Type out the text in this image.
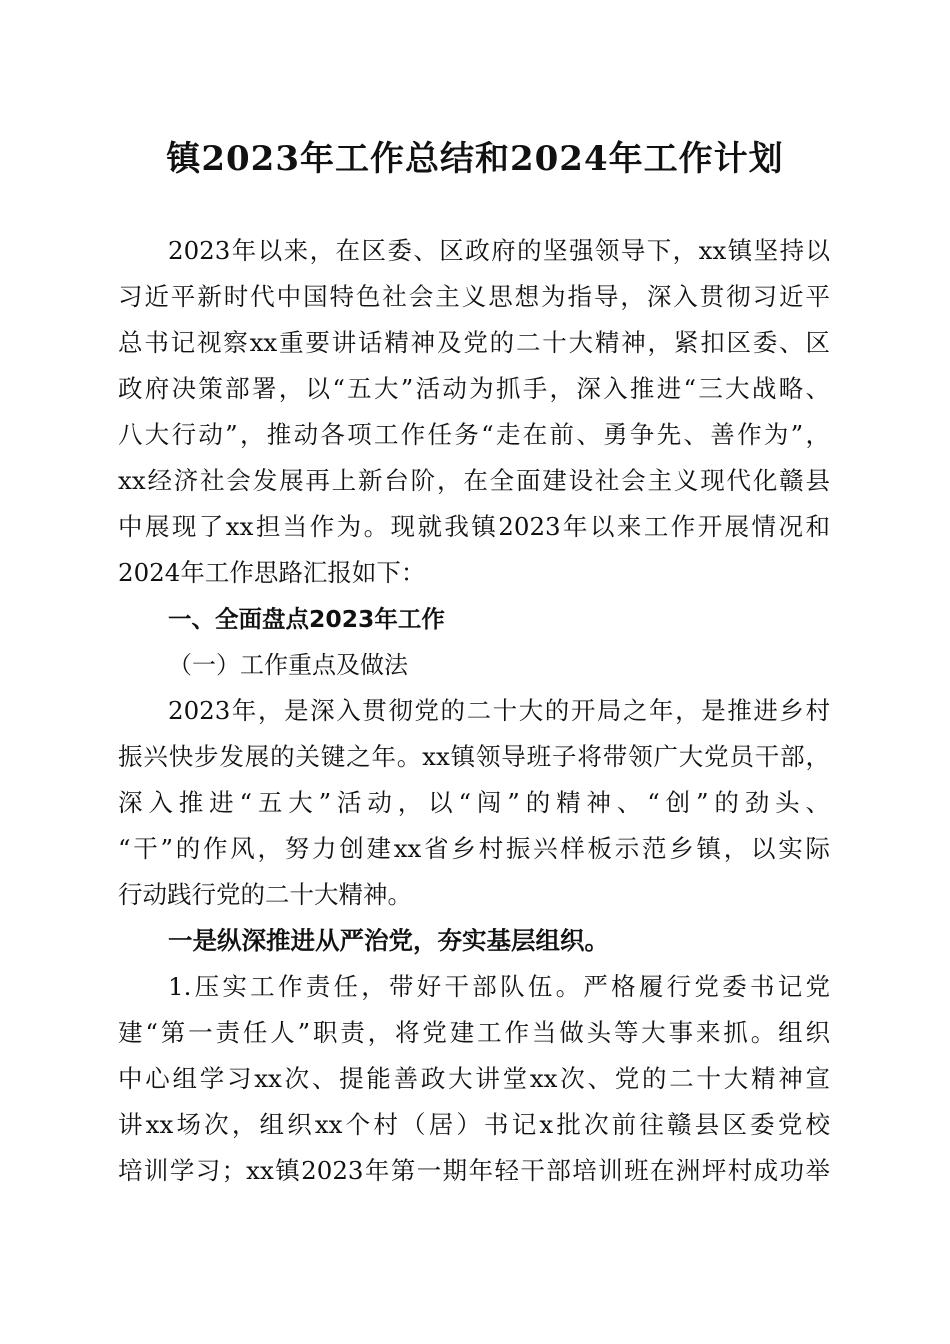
镇2023年工作总结和2024年工作计划
2023年以来，在区委、区政府的坚强领导下，xx镇坚持以
习近平新时代中国特色社会主义思想为指导，深入贯彻习近平
总书记视察xx重要讲话精神及党的二十大精神，紧扣区委、区
政府决策部署，以“五大”活动为抓手，深入推进“三大战略、
八大行动”，推动各项工作任务“走在前、勇争先、善作为”，
xx经济社会发展再上新台阶，在全面建设社会主义现代化赣县
中展现了xx担当作为。现就我镇2023年以来工作开展情况和
2024年工作思路汇报如下：
一、全面盘点2023年工作
（一）工作重点及做法
2023年，是深入贯彻党的二十大的开局之年，是推进乡村
振兴快步发展的关键之年。xx镇领导班子将带领广大党员干部，
深入推进“五大”活动，以“闯”的精神、“创”的劲头、
“干”的作风，努力创建xx省乡村振兴样板示范乡镇，以实际
行动践行党的二十大精神。
一是纵深推进从严治党，夯实基层组织。
1.压实工作责任，带好干部队伍。严格履行党委书记党
建“第一责任人”职责，将党建工作当做头等大事来抓。组织
中心组学习xx次、提能善政大讲堂xx次、党的二十大精神宣
讲xx场次，组织xx个村（居）书记x批次前往赣县区委党校
培训学习；xx镇2023年第一期年轻干部培训班在洲坪村成功举
